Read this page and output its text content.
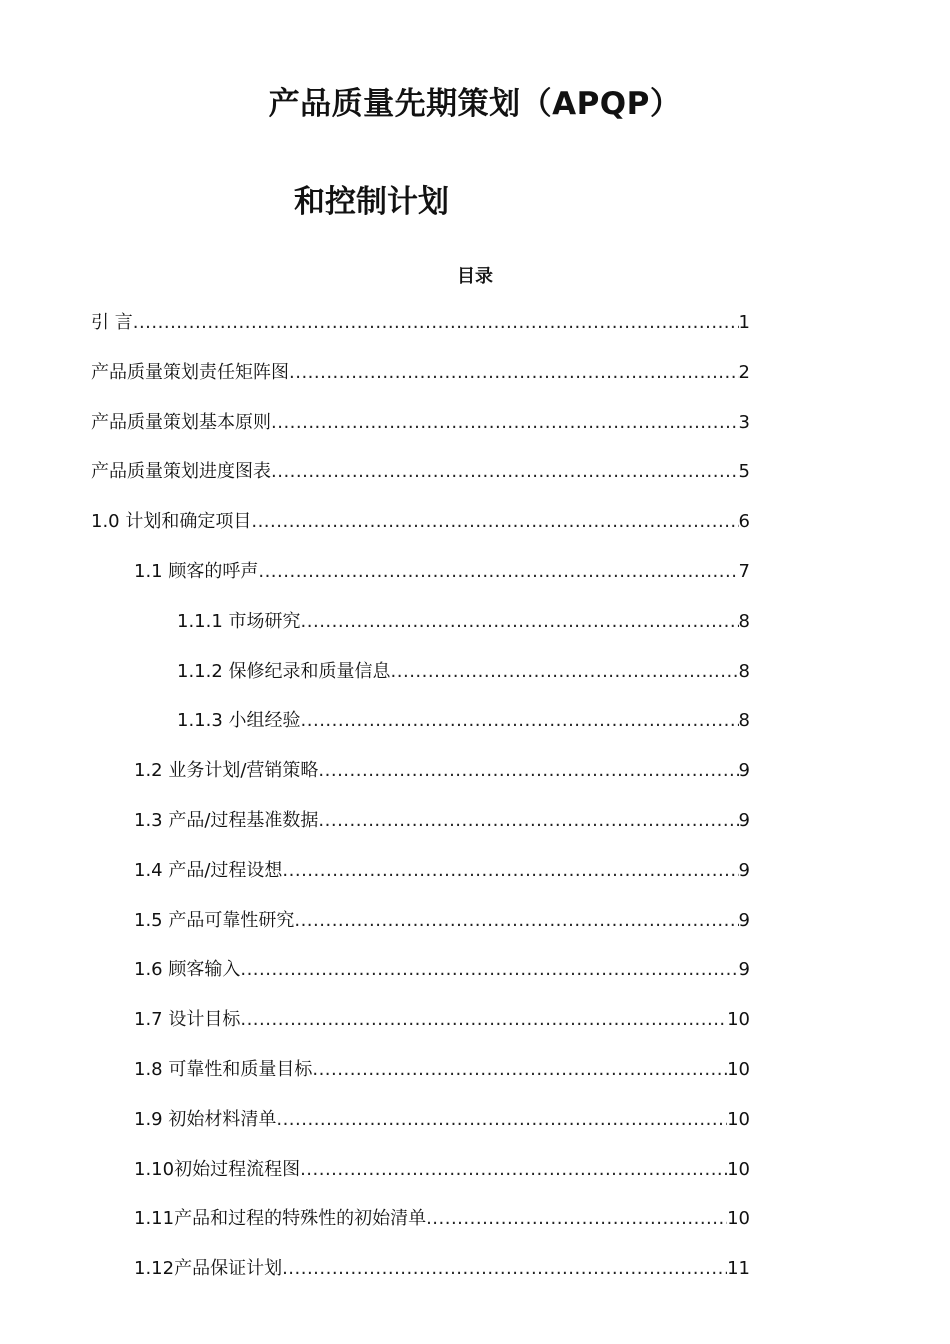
产品质量先期策划（APQP）
和控制计划
目录
引 言 .....	1
产品质量策划责任矩阵图 .....	2
产品质量策划基本原则 .....	3
产品质量策划进度图表 .....	5
1.0 计划和确定项目 .....	6
1.1 顾客的呼声 .....	7
1.1.1 市场研究 .....	8
1.1.2 保修纪录和质量信息 .....	8
1.1.3 小组经验 .....	8
1.2 业务计划/营销策略 .....	9
1.3 产品/过程基准数据 .....	9
1.4 产品/过程设想 .....	9
1.5 产品可靠性研究 .....	9
1.6 顾客输入 .....	9
1.7 设计目标 .....	10
1.8 可靠性和质量目标 .....	10
1.9 初始材料清单 .....	10
1.10初始过程流程图 .....	10
1.11产品和过程的特殊性的初始清单 .....	10
1.12产品保证计划 .....	11
